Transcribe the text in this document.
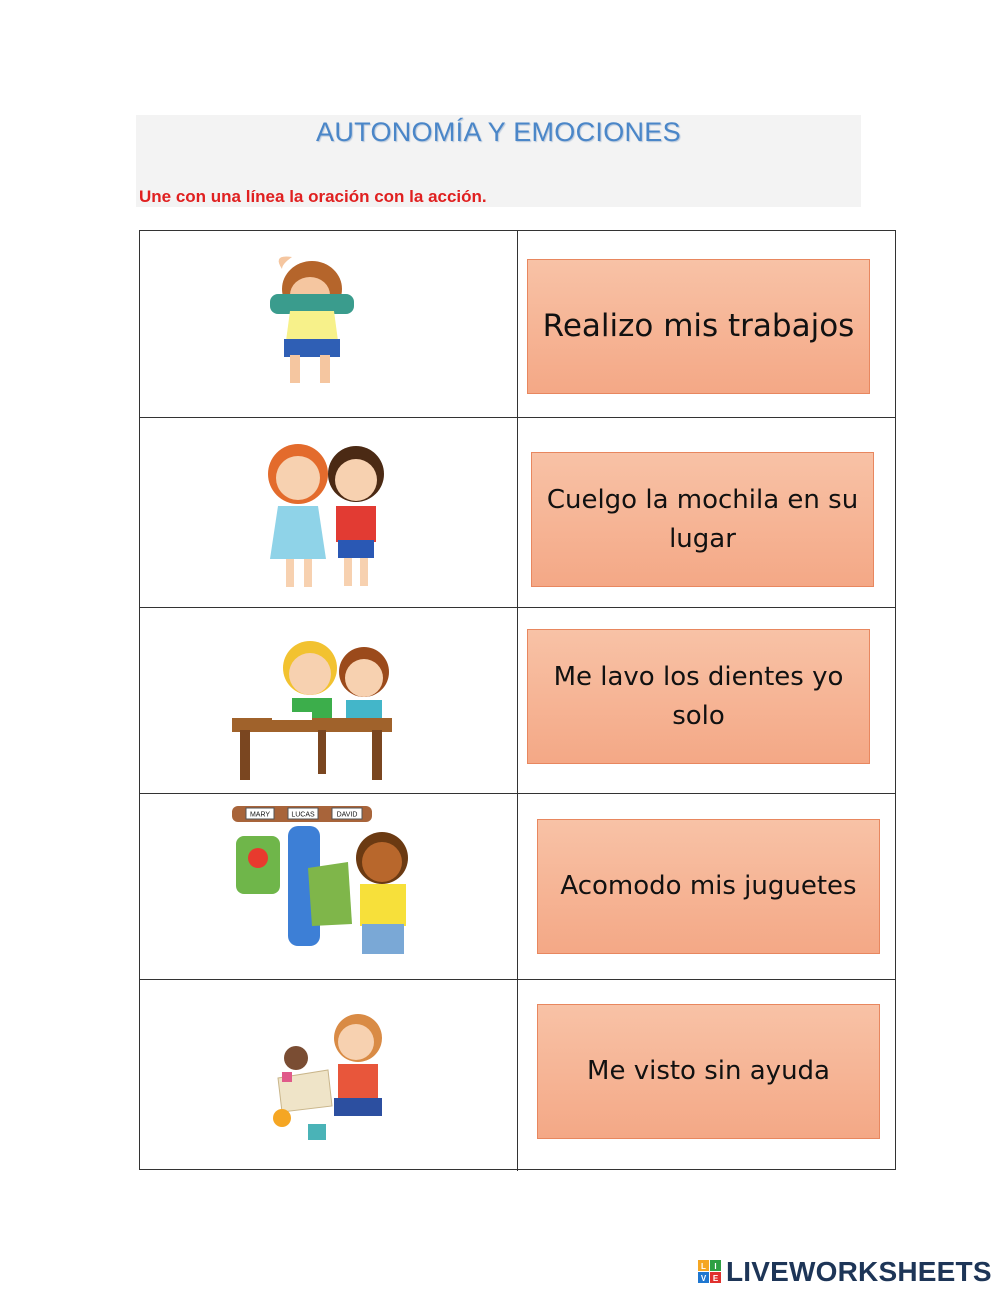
AUTONOMÍA Y EMOCIONES
Une con una línea la oración con la acción.
Realizo mis trabajos
Cuelgo la mochila en su lugar
Me lavo los dientes yo solo
MARY	LUCAS	DAVID
Acomodo mis juguetes
Me visto sin ayuda
L I
V E LIVEWORKSHEETS
